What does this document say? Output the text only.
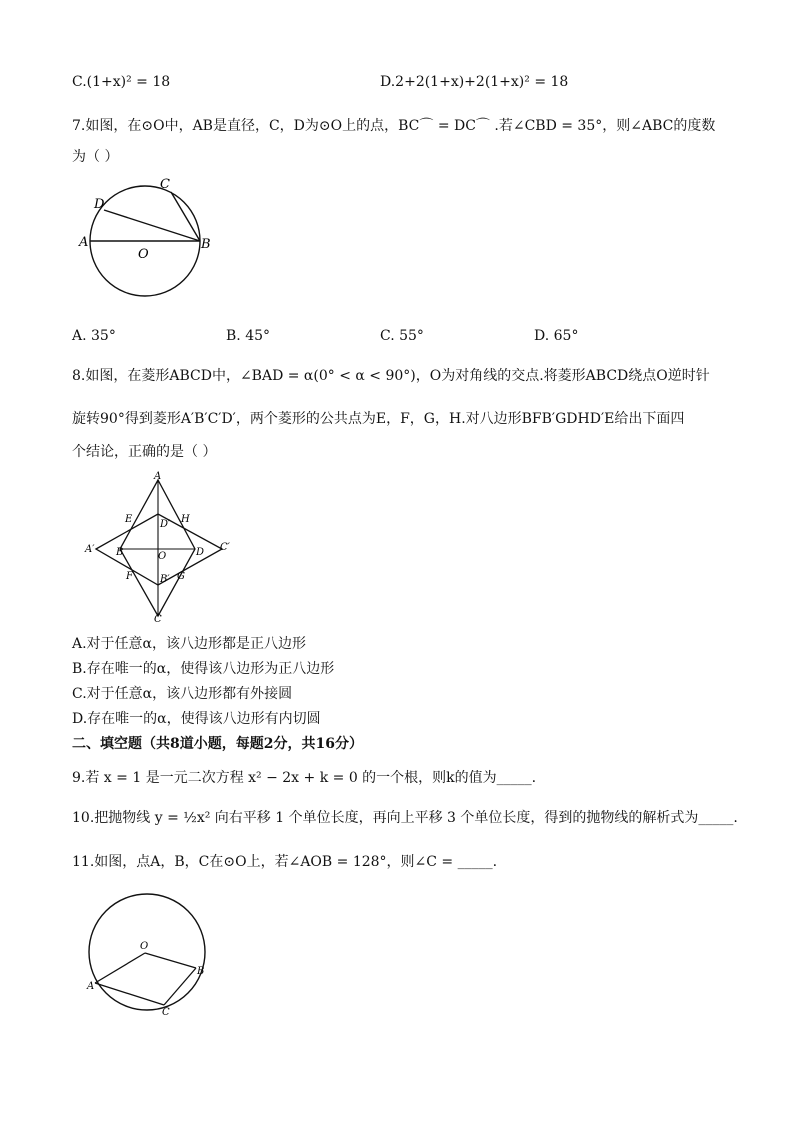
C.(1+x)² = 18	D.2+2(1+x)+2(1+x)² = 18
7.如图，在⊙O中，AB是直径，C，D为⊙O上的点，BC⌒ = DC⌒ .若∠CBD = 35°，则∠ABC的度数
为（ ）
A	B
C
D
O
A. 35°	B. 45°	C. 55°	D. 65°
8.如图，在菱形ABCD中，∠BAD = α(0° < α < 90°)，O为对角线的交点.将菱形ABCD绕点O逆时针
旋转90°得到菱形A′B′C′D′，两个菱形的公共点为E，F，G，H.对八边形BFB′GDHD′E给出下面四
个结论，正确的是（ ）
A
C
A′	C′
B	D
D′
B′
E	H
F	G
O
A.对于任意α，该八边形都是正八边形
B.存在唯一的α，使得该八边形为正八边形
C.对于任意α，该八边形都有外接圆
D.存在唯一的α，使得该八边形有内切圆
二、填空题（共8道小题，每题2分，共16分）
9.若 x = 1 是一元二次方程 x² − 2x + k = 0 的一个根，则k的值为_____.
10.把抛物线 y = ½x² 向右平移 1 个单位长度，再向上平移 3 个单位长度，得到的抛物线的解析式为_____.
11.如图，点A，B，C在⊙O上，若∠AOB = 128°，则∠C = _____.
O
A
B
C
